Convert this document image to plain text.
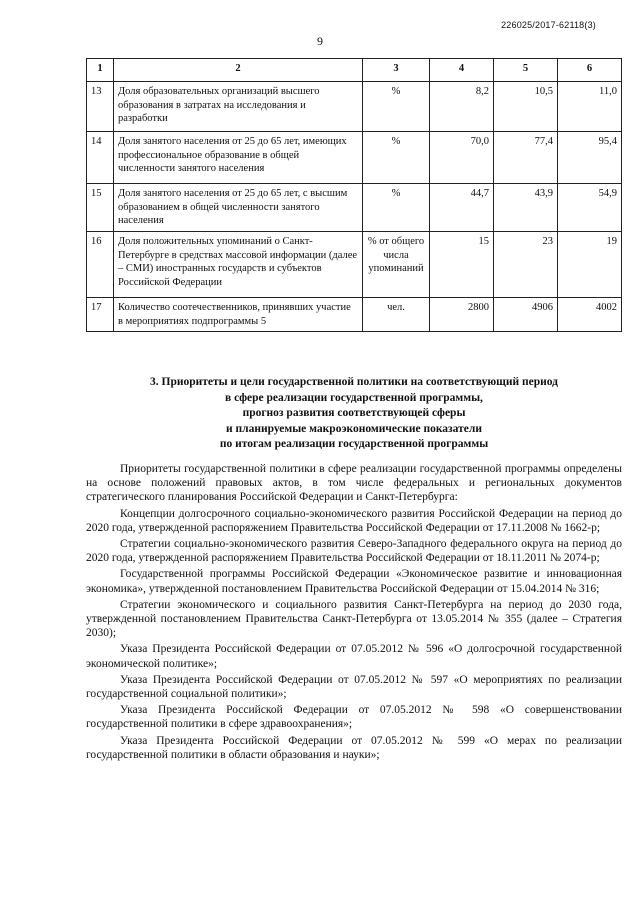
226025/2017-62118(3)
9
1	2	3	4	5	6
13	Доля образовательных организаций высшего образования в затратах на исследования и разработки	%	8,2	10,5	11,0
14	Доля занятого населения от 25 до 65 лет, имеющих профессиональное образование в общей численности занятого населения	%	70,0	77,4	95,4
15	Доля занятого населения от 25 до 65 лет, с высшим образованием в общей численности занятого населения	%	44,7	43,9	54,9
16	Доля положительных упоминаний о Санкт-Петербурге в средствах массовой информации (далее – СМИ) иностранных государств и субъектов Российской Федерации	% от общего числа упоминаний	15	23	19
17	Количество соотечественников, принявших участие в мероприятиях подпрограммы 5	чел.	2800	4906	4002
3. Приоритеты и цели государственной политики на соответствующий период
в сфере реализации государственной программы,
прогноз развития соответствующей сферы
и планируемые макроэкономические показатели
по итогам реализации государственной программы

Приоритеты государственной политики в сфере реализации государственной программы определены на основе положений правовых актов, в том числе федеральных и региональных документов стратегического планирования Российской Федерации и Санкт-Петербурга:

Концепции долгосрочного социально-экономического развития Российской Федерации на период до 2020 года, утвержденной распоряжением Правительства Российской Федерации от 17.11.2008 № 1662-р;

Стратегии социально-экономического развития Северо-Западного федерального округа на период до 2020 года, утвержденной распоряжением Правительства Российской Федерации от 18.11.2011 № 2074-р;

Государственной программы Российской Федерации «Экономическое развитие и инновационная экономика», утвержденной постановлением Правительства Российской Федерации от 15.04.2014 № 316;

Стратегии экономического и социального развития Санкт-Петербурга на период до 2030 года, утвержденной постановлением Правительства Санкт-Петербурга от 13.05.2014 № 355 (далее – Стратегия 2030);

Указа Президента Российской Федерации от 07.05.2012 № 596 «О долгосрочной государственной экономической политике»;

Указа Президента Российской Федерации от 07.05.2012 № 597 «О мероприятиях по реализации государственной социальной политики»;

Указа Президента Российской Федерации от 07.05.2012 № 598 «О совершенствовании государственной политики в сфере здравоохранения»;

Указа Президента Российской Федерации от 07.05.2012 № 599 «О мерах по реализации государственной политики в области образования и науки»;
